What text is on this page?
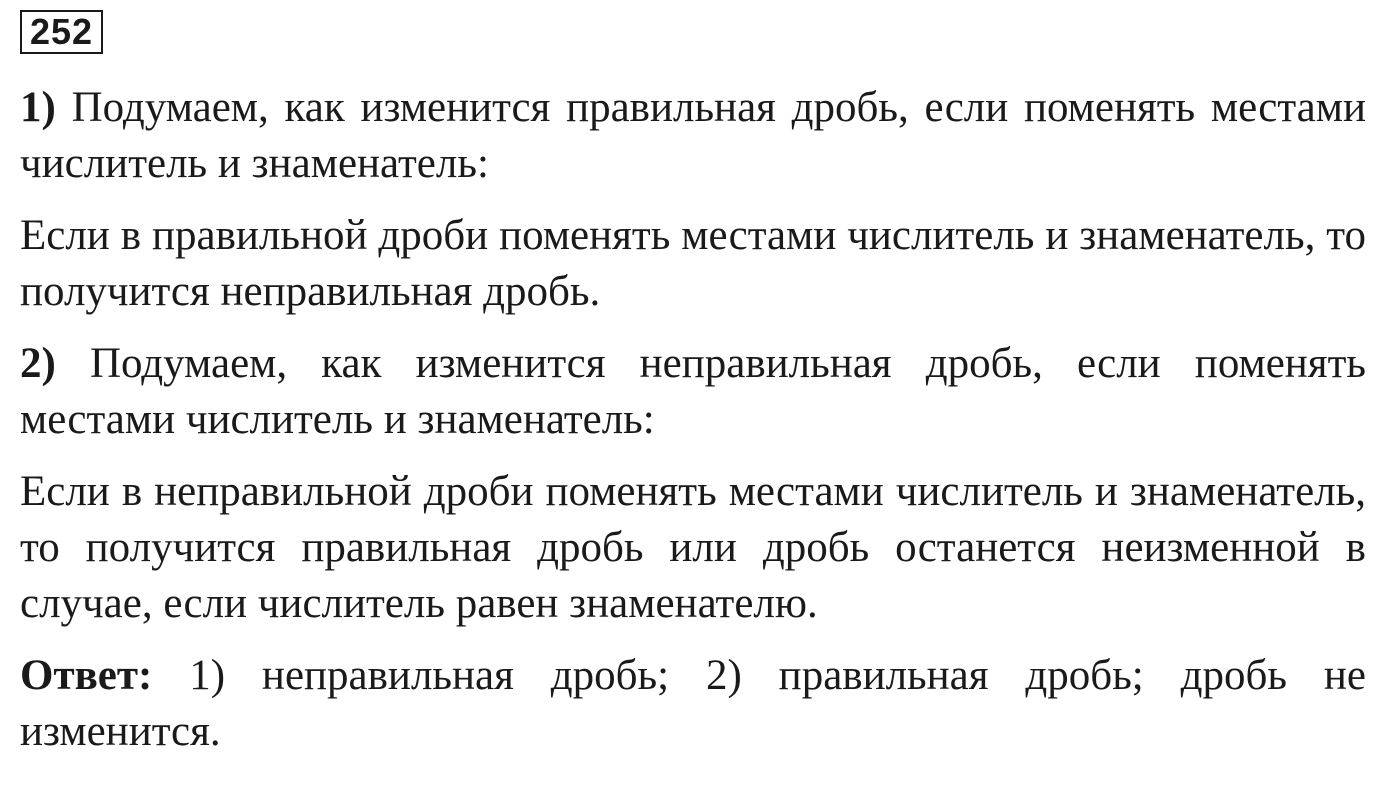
252

1) Подумаем, как изменится правильная дробь, если поменять местами числитель и знаменатель:

Если в правильной дроби поменять местами числитель и знаменатель, то получится неправильная дробь.

2) Подумаем, как изменится неправильная дробь, если поменять местами числитель и знаменатель:

Если в неправильной дроби поменять местами числитель и знаменатель, то получится правильная дробь или дробь останется неизменной в случае, если числитель равен знаменателю.

Ответ: 1) неправильная дробь; 2) правильная дробь; дробь не изменится.
